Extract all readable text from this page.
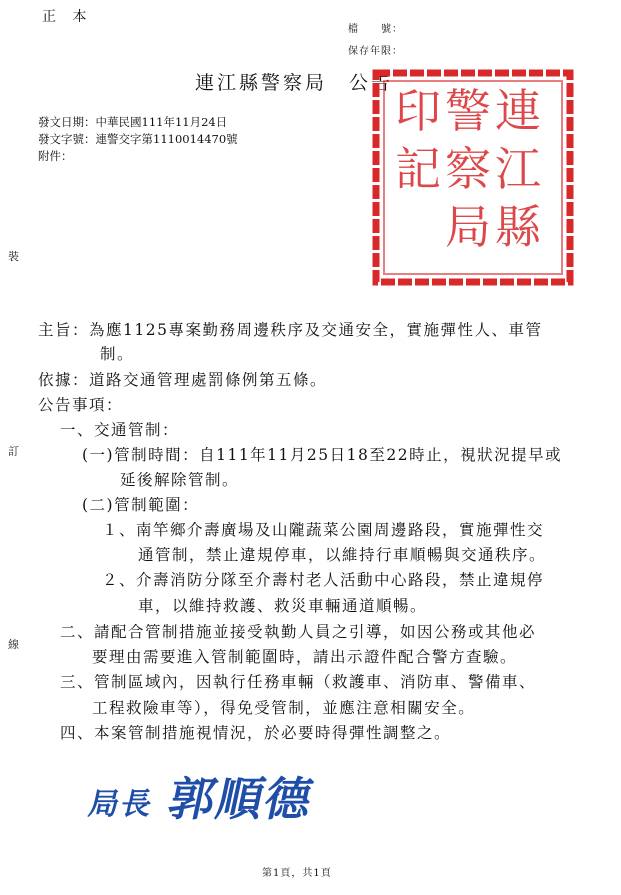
正 本
檔　　號：
保存年限：
連江縣警察局　公告
發文日期：中華民國111年11月24日
發文字號：連警交字第1110014470號
附件：
連
江
縣
警
察
局
印
記
裝
訂
線
主旨：為應1125專案勤務周邊秩序及交通安全，實施彈性人、車管
制。
依據：道路交通管理處罰條例第五條。
公告事項：
一、交通管制：
(一)管制時間：自111年11月25日18至22時止，視狀況提早或
延後解除管制。
(二)管制範圍：
１、南竿鄉介壽廣場及山隴蔬菜公園周邊路段，實施彈性交
通管制，禁止違規停車，以維持行車順暢與交通秩序。
２、介壽消防分隊至介壽村老人活動中心路段，禁止違規停
車，以維持救護、救災車輛通道順暢。
二、請配合管制措施並接受執勤人員之引導，如因公務或其他必
要理由需要進入管制範圍時，請出示證件配合警方查驗。
三、管制區域內，因執行任務車輛（救護車、消防車、警備車、
工程救險車等），得免受管制，並應注意相關安全。
四、本案管制措施視情況，於必要時得彈性調整之。
局長 郭順德
第1頁，共1頁
